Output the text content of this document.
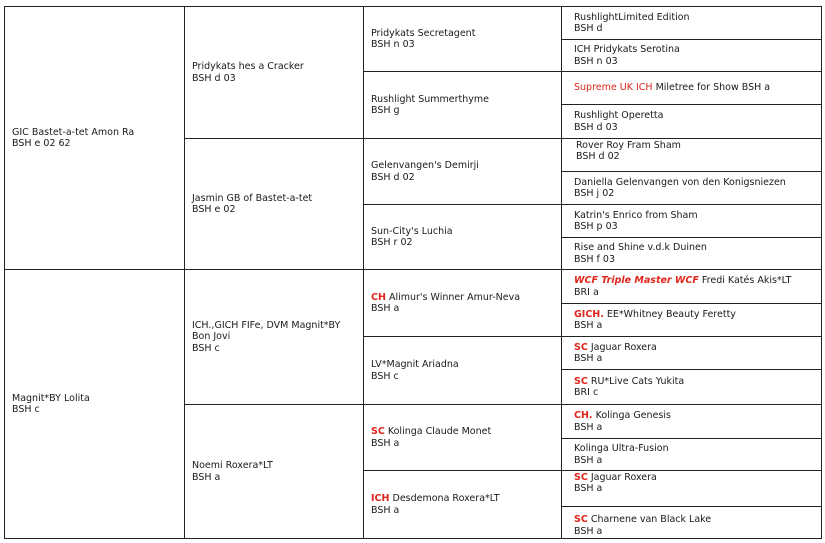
GIC Bastet-a-tet Amon Ra
BSH e 02 62
Magnit*BY Lolita
BSH c
Pridykats hes a Cracker
BSH d 03
Jasmin GB of Bastet-a-tet
BSH e 02
ICH.,GICH FIFe, DVM Magnit*BY
Bon Jovi
BSH c
Noemi Roxera*LT
BSH a
Pridykats Secretagent
BSH n 03
Rushlight Summerthyme
BSH g
Gelenvangen's Demirji
BSH d 02
Sun-City's Luchia
BSH r 02
CH Alimur's Winner Amur-Neva
BSH a
LV*Magnit Ariadna
BSH c
SC Kolinga Claude Monet
BSH a
ICH Desdemona Roxera*LT
BSH a
RushlightLimited Edition
BSH d
ICH Pridykats Serotina
BSH n 03
Supreme UK ICH Miletree for Show BSH a
Rushlight Operetta
BSH d 03
Rover Roy Fram Sham
BSH d 02
Daniella Gelenvangen von den Konigsniezen
BSH j 02
Katrin's Enrico from Sham
BSH p 03
Rise and Shine v.d.k Duinen
BSH f 03
WCF Triple Master WCF Fredi Katés Akis*LT
BRI a
GICH. EE*Whitney Beauty Feretty
BSH a
SC Jaguar Roxera
BSH a
SC RU*Live Cats Yukita
BRI c
CH. Kolinga Genesis
BSH a
Kolinga Ultra-Fusion
BSH a
SC Jaguar Roxera
BSH a
SC Charnene van Black Lake
BSH a
